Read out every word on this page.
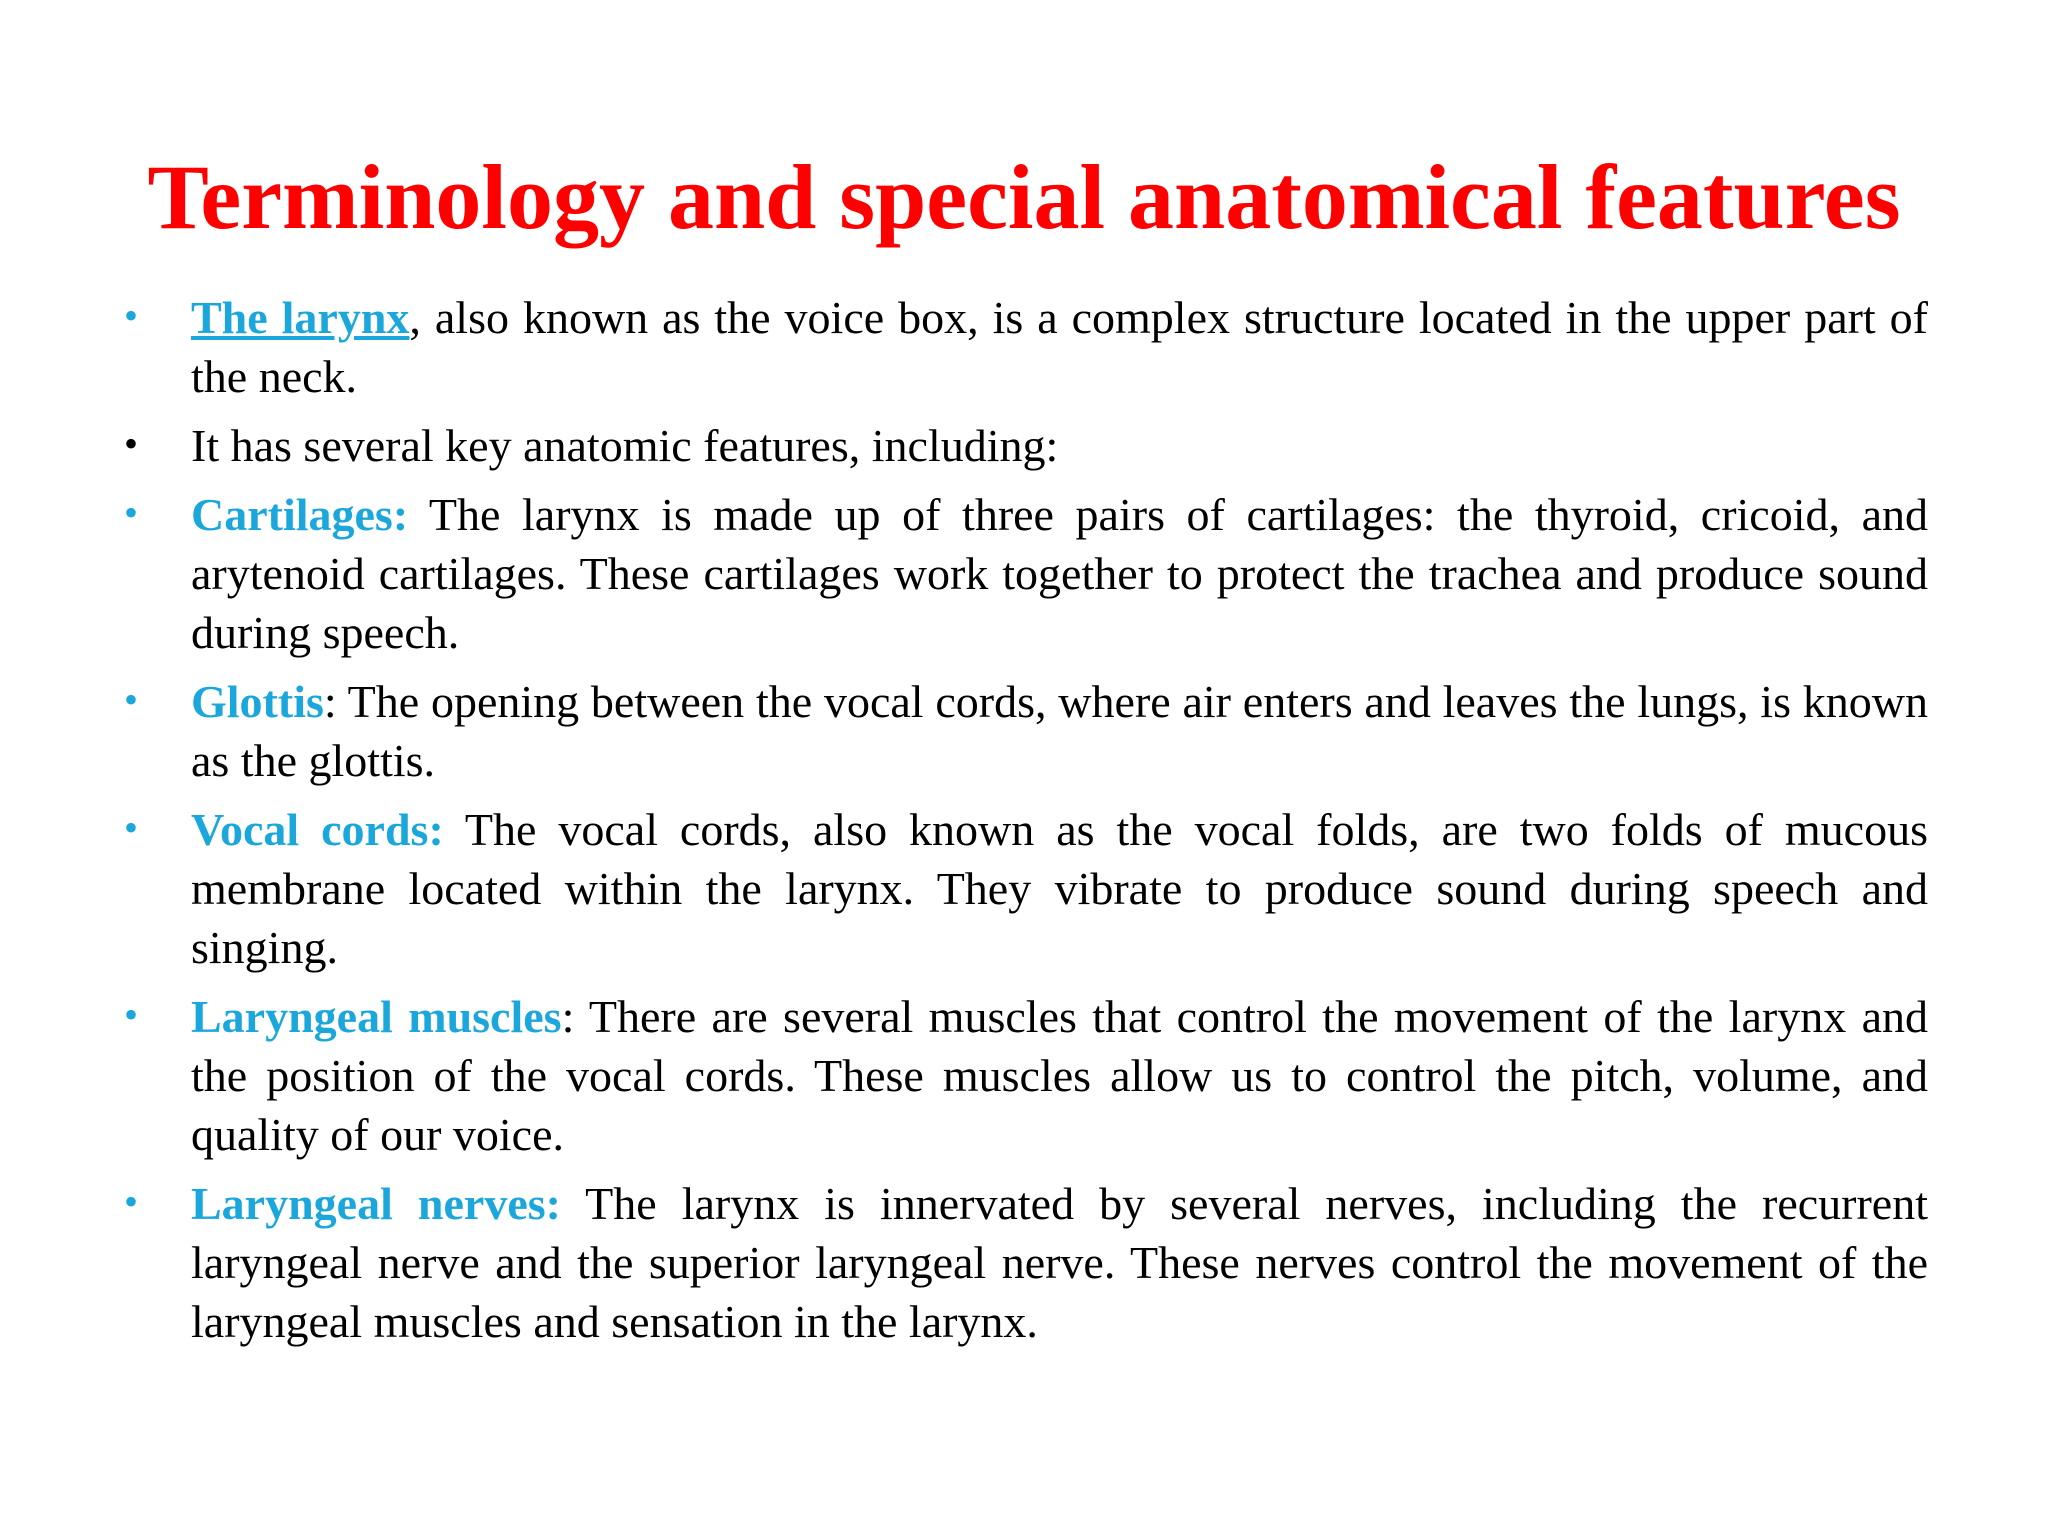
Terminology and special anatomical features
• The larynx, also known as the voice box, is a complex structure located in the upper part of the neck.
• It has several key anatomic features, including:
• Cartilages: The larynx is made up of three pairs of cartilages: the thyroid, cricoid, and arytenoid cartilages. These cartilages work together to protect the trachea and produce sound during speech.
• Glottis: The opening between the vocal cords, where air enters and leaves the lungs, is known as the glottis.
• Vocal cords: The vocal cords, also known as the vocal folds, are two folds of mucous membrane located within the larynx. They vibrate to produce sound during speech and singing.
• Laryngeal muscles: There are several muscles that control the movement of the larynx and the position of the vocal cords. These muscles allow us to control the pitch, volume, and quality of our voice.
• Laryngeal nerves: The larynx is innervated by several nerves, including the recurrent laryngeal nerve and the superior laryngeal nerve. These nerves control the movement of the laryngeal muscles and sensation in the larynx.
